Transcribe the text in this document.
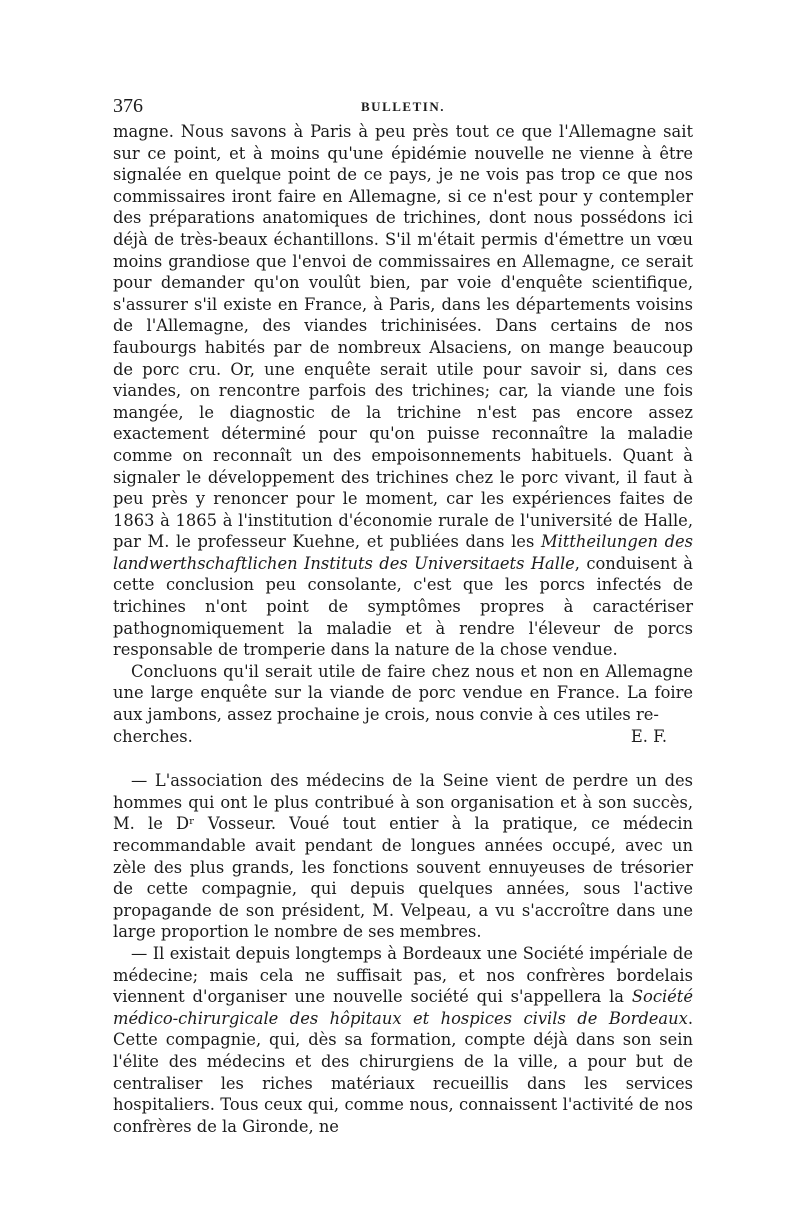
376	BULLETIN.

magne. Nous savons à Paris à peu près tout ce que l'Allemagne sait sur ce point, et à moins qu'une épidémie nouvelle ne vienne à être signalée en quelque point de ce pays, je ne vois pas trop ce que nos commissaires iront faire en Allemagne, si ce n'est pour y contempler des préparations anatomiques de trichines, dont nous possédons ici déjà de très-beaux échantillons. S'il m'était permis d'émettre un vœu moins grandiose que l'envoi de commissaires en Allemagne, ce serait pour demander qu'on voulût bien, par voie d'enquête scientifique, s'assurer s'il existe en France, à Paris, dans les départements voisins de l'Allemagne, des viandes trichinisées. Dans certains de nos faubourgs habités par de nombreux Alsaciens, on mange beaucoup de porc cru. Or, une enquête serait utile pour savoir si, dans ces viandes, on rencontre parfois des trichines; car, la viande une fois mangée, le diagnostic de la trichine n'est pas encore assez exactement déterminé pour qu'on puisse reconnaître la maladie comme on reconnaît un des empoisonnements habituels. Quant à signaler le développement des trichines chez le porc vivant, il faut à peu près y renoncer pour le moment, car les expériences faites de 1863 à 1865 à l'institution d'économie rurale de l'université de Halle, par M. le professeur Kuehne, et publiées dans les Mittheilungen des landwerthschaftlichen Instituts des Universitaets Halle, conduisent à cette conclusion peu consolante, c'est que les porcs infectés de trichines n'ont point de symptômes propres à caractériser pathognomiquement la maladie et à rendre l'éleveur de porcs responsable de tromperie dans la nature de la chose vendue.

Concluons qu'il serait utile de faire chez nous et non en Allemagne une large enquête sur la viande de porc vendue en France. La foire aux jambons, assez prochaine je crois, nous convie à ces utiles re-

cherches.	E. F.

— L'association des médecins de la Seine vient de perdre un des hommes qui ont le plus contribué à son organisation et à son succès, M. le Dʳ Vosseur. Voué tout entier à la pratique, ce médecin recommandable avait pendant de longues années occupé, avec un zèle des plus grands, les fonctions souvent ennuyeuses de trésorier de cette compagnie, qui depuis quelques années, sous l'active propagande de son président, M. Velpeau, a vu s'accroître dans une large proportion le nombre de ses membres.

— Il existait depuis longtemps à Bordeaux une Société impériale de médecine; mais cela ne suffisait pas, et nos confrères bordelais viennent d'organiser une nouvelle société qui s'appellera la Société médico-chirurgicale des hôpitaux et hospices civils de Bordeaux. Cette compagnie, qui, dès sa formation, compte déjà dans son sein l'élite des médecins et des chirurgiens de la ville, a pour but de centraliser les riches matériaux recueillis dans les services hospitaliers. Tous ceux qui, comme nous, connaissent l'activité de nos confrères de la Gironde, ne
